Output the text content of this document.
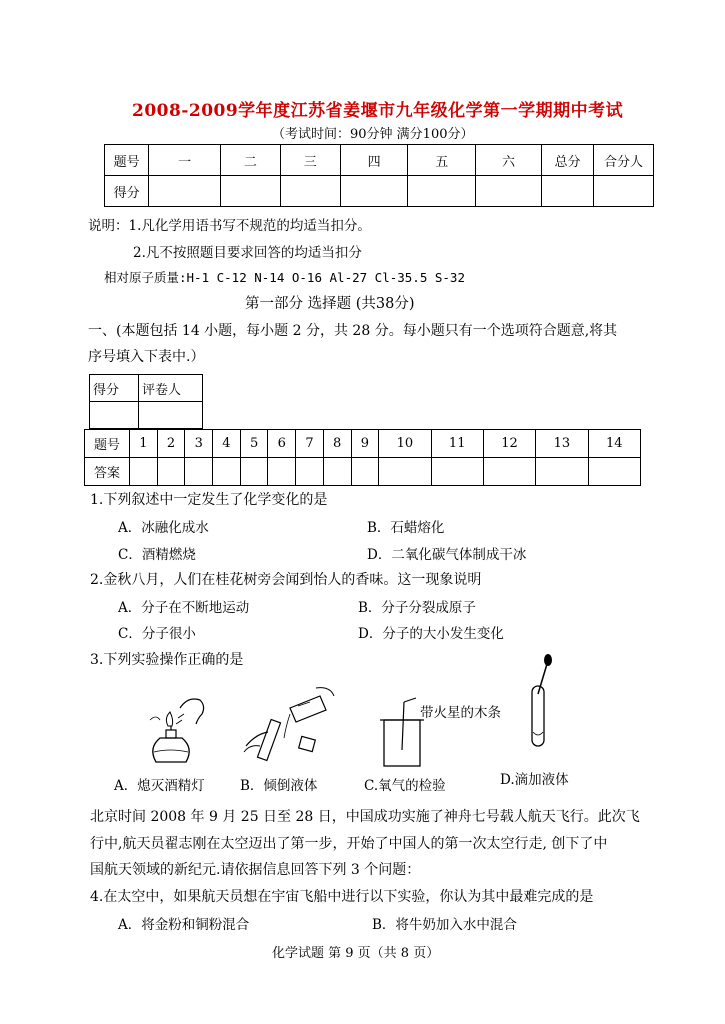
2008-2009学年度江苏省姜堰市九年级化学第一学期期中考试
（考试时间：90分钟 满分100分）
题号	一	二	三	四	五	六	总分	合分人
得分								
说明：1.凡化学用语书写不规范的均适当扣分。
2.凡不按照题目要求回答的均适当扣分
相对原子质量:H-1 C-12 N-14 O-16 Al-27 Cl-35.5 S-32
第一部分 选择题 (共38分)
一、(本题包括 14 小题，每小题 2 分，共 28 分。每小题只有一个选项符合题意,将其
序号填入下表中.）
得分	评卷人

题号	1	2	3	4	5	6	7	8	9	10	11	12	13	14
答案														
1.下列叙述中一定发生了化学变化的是
A．冰融化成水	B．石蜡熔化
C．酒精燃烧	D．二氧化碳气体制成干冰
2.金秋八月，人们在桂花树旁会闻到怡人的香味。这一现象说明
A．分子在不断地运动	B．分子分裂成原子
C．分子很小	D．分子的大小发生变化
3.下列实验操作正确的是
带火星的木条
A．熄灭酒精灯	B．倾倒液体	C.氧气的检验	D.滴加液体
北京时间 2008 年 9 月 25 日至 28 日，中国成功实施了神舟七号载人航天飞行。此次飞
行中,航天员翟志刚在太空迈出了第一步，开始了中国人的第一次太空行走, 创下了中
国航天领域的新纪元.请依据信息回答下列 3 个问题：
4.在太空中，如果航天员想在宇宙飞船中进行以下实验，你认为其中最难完成的是
A．将金粉和铜粉混合	B．将牛奶加入水中混合
化学试题 第 9 页（共 8 页）
